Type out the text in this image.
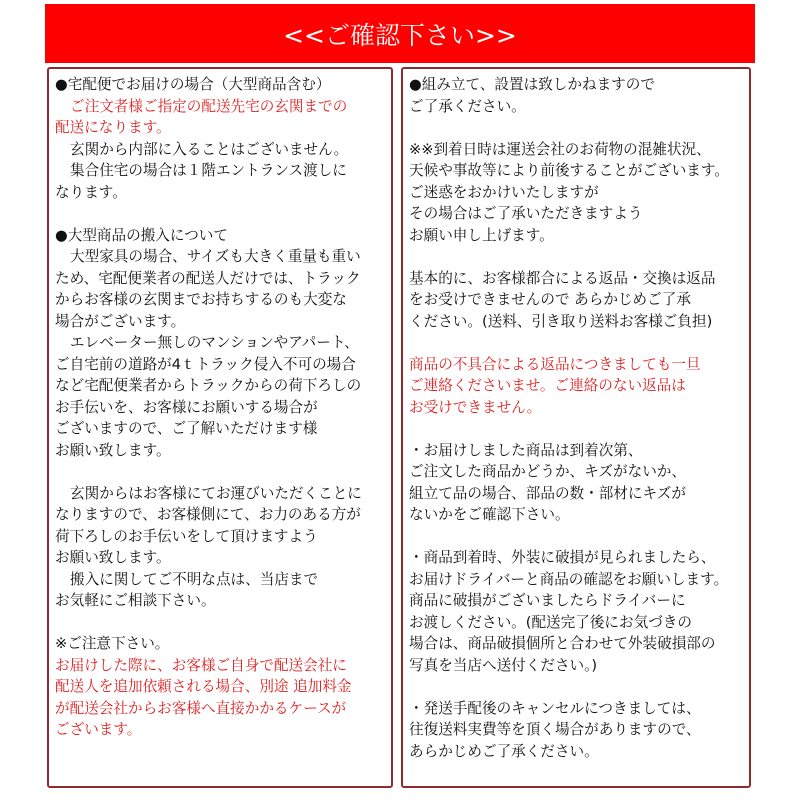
<<ご確認下さい>>
●宅配便でお届けの場合（大型商品含む）
ご注文者様ご指定の配送先宅の玄関までの
配送になります。
玄関から内部に入ることはございません。
集合住宅の場合は１階エントランス渡しに
なります。
●大型商品の搬入について
大型家具の場合、サイズも大きく重量も重い
ため、宅配便業者の配送人だけでは、トラック
からお客様の玄関までお持ちするのも大変な
場合がございます。
エレベーター無しのマンションやアパート、
ご自宅前の道路が4ｔトラック侵入不可の場合
など宅配便業者からトラックからの荷下ろしの
お手伝いを、お客様にお願いする場合が
ございますので、ご了解いただけます様
お願い致します。
玄関からはお客様にてお運びいただくことに
なりますので、お客様側にて、お力のある方が
荷下ろしのお手伝いをして頂けますよう
お願い致します。
搬入に関してご不明な点は、当店まで
お気軽にご相談下さい。
※ご注意下さい。
お届けした際に、お客様ご自身で配送会社に
配送人を追加依頼される場合、別途 追加料金
が配送会社からお客様へ直接かかるケースが
ございます。
●組み立て、設置は致しかねますので
ご了承ください。
※※到着日時は運送会社のお荷物の混雑状況、
天候や事故等により前後することがございます。
ご迷惑をおかけいたしますが
その場合はご了承いただきますよう
お願い申し上げます。
基本的に、お客様都合による返品・交換は返品
をお受けできませんので あらかじめご了承
ください。(送料、引き取り送料お客様ご負担)
商品の不具合による返品につきましても一旦
ご連絡くださいませ。ご連絡のない返品は
お受けできません。
・お届けしました商品は到着次第、
ご注文した商品かどうか、キズがないか、
組立て品の場合、部品の数・部材にキズが
ないかをご確認下さい。
・商品到着時、外装に破損が見られましたら、
お届けドライバーと商品の確認をお願いします。
商品に破損がございましたらドライバーに
お渡しください。(配送完了後にお気づきの
場合は、商品破損個所と合わせて外装破損部の
写真を当店へ送付ください。)
・発送手配後のキャンセルにつきましては、
往復送料実費等を頂く場合がありますので、
あらかじめご了承ください。
